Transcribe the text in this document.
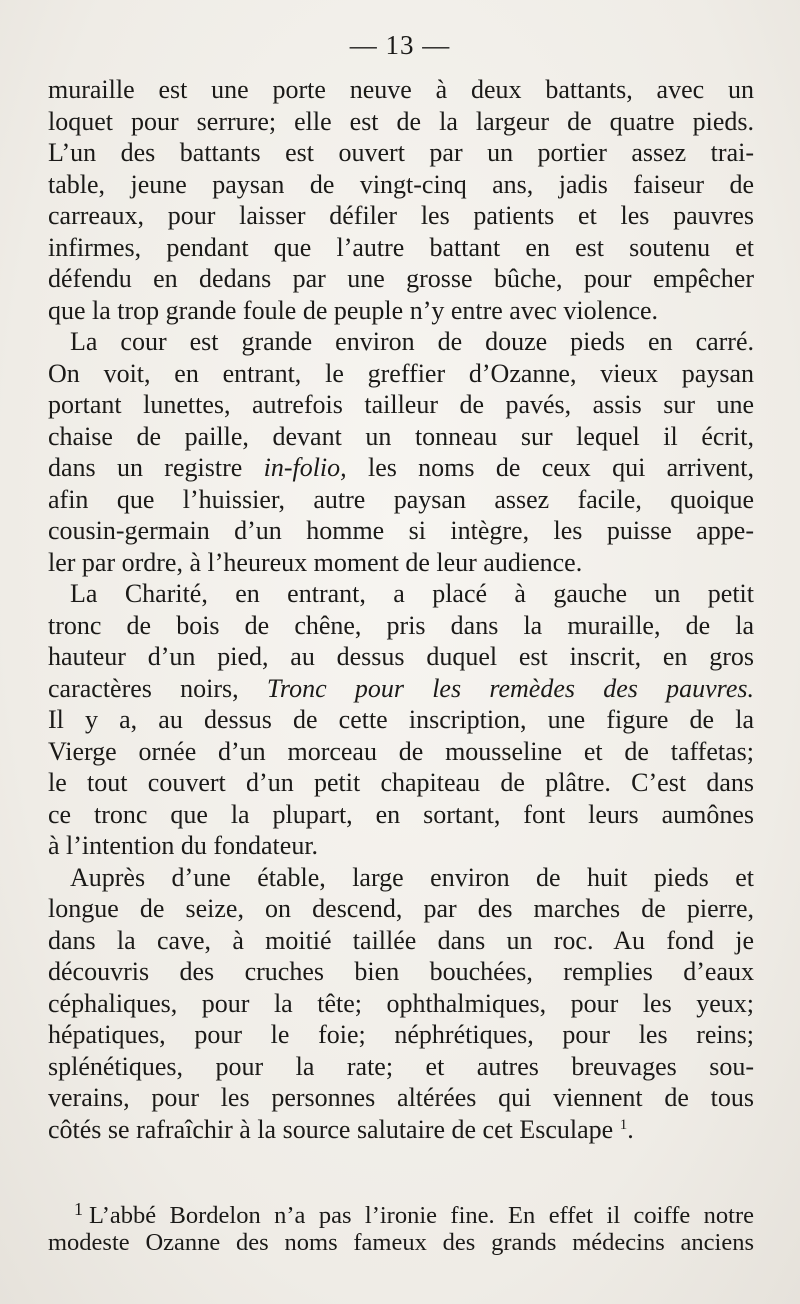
— 13 —
muraille est une porte neuve à deux battants, avec un
loquet pour serrure; elle est de la largeur de quatre pieds.
L’un des battants est ouvert par un portier assez trai-
table, jeune paysan de vingt-cinq ans, jadis faiseur de
carreaux, pour laisser défiler les patients et les pauvres
infirmes, pendant que l’autre battant en est soutenu et
défendu en dedans par une grosse bûche, pour empêcher
que la trop grande foule de peuple n’y entre avec violence.
La cour est grande environ de douze pieds en carré.
On voit, en entrant, le greffier d’Ozanne, vieux paysan
portant lunettes, autrefois tailleur de pavés, assis sur une
chaise de paille, devant un tonneau sur lequel il écrit,
dans un registre in-folio, les noms de ceux qui arrivent,
afin que l’huissier, autre paysan assez facile, quoique
cousin-germain d’un homme si intègre, les puisse appe-
ler par ordre, à l’heureux moment de leur audience.
La Charité, en entrant, a placé à gauche un petit
tronc de bois de chêne, pris dans la muraille, de la
hauteur d’un pied, au dessus duquel est inscrit, en gros
caractères noirs, Tronc pour les remèdes des pauvres.
Il y a, au dessus de cette inscription, une figure de la
Vierge ornée d’un morceau de mousseline et de taffetas;
le tout couvert d’un petit chapiteau de plâtre. C’est dans
ce tronc que la plupart, en sortant, font leurs aumônes
à l’intention du fondateur.
Auprès d’une étable, large environ de huit pieds et
longue de seize, on descend, par des marches de pierre,
dans la cave, à moitié taillée dans un roc. Au fond je
découvris des cruches bien bouchées, remplies d’eaux
céphaliques, pour la tête; ophthalmiques, pour les yeux;
hépatiques, pour le foie; néphrétiques, pour les reins;
splénétiques, pour la rate; et autres breuvages sou-
verains, pour les personnes altérées qui viennent de tous
côtés se rafraîchir à la source salutaire de cet Esculape $^1$.
$^1$ L’abbé Bordelon n’a pas l’ironie fine. En effet il coiffe notre
modeste Ozanne des noms fameux des grands médecins anciens
